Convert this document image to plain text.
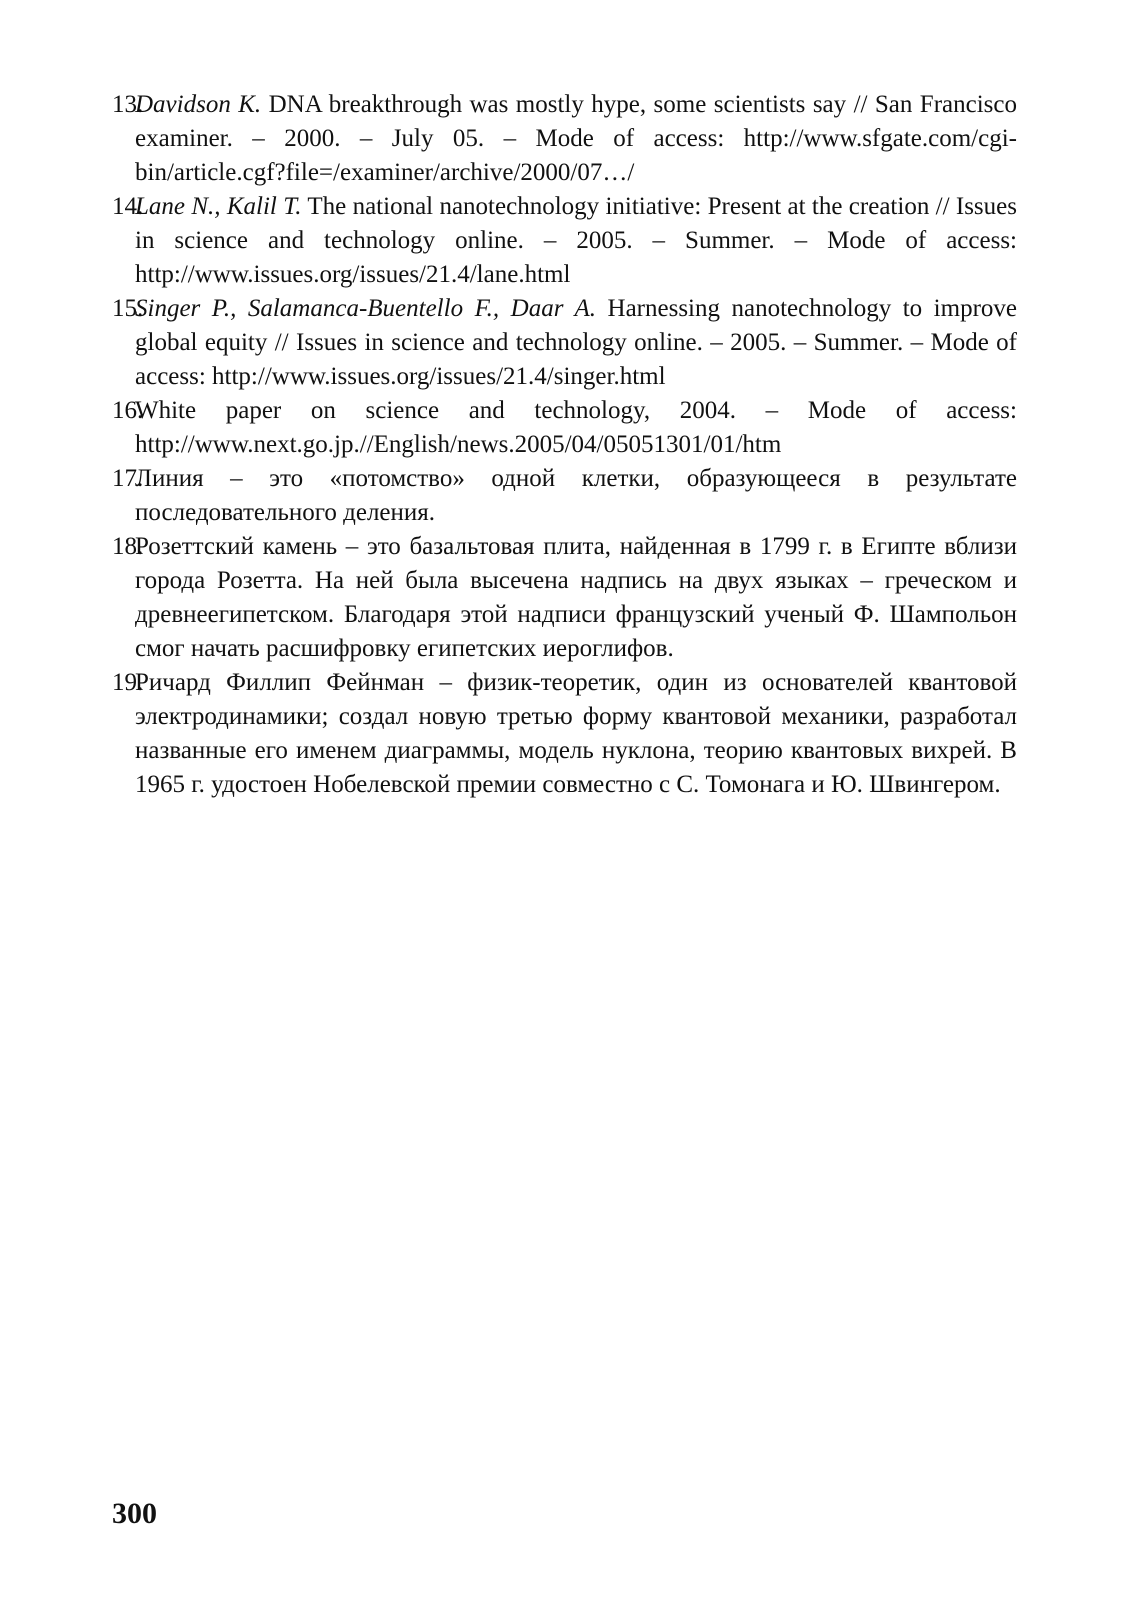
13.
Davidson K. DNA breakthrough was mostly hype, some scientists say // San Francisco examiner. – 2000. – July 05. – Mode of access: http://www.sfgate.com/cgi-bin/article.cgf?file=/examiner/archive/2000/07…/

14.
Lane N., Kalil T. The national nanotechnology initiative: Present at the creation // Issues in science and technology online. – 2005. – Summer. – Mode of access: http://www.issues.org/issues/21.4/lane.html

15.
Singer P., Salamanca-Buentello F., Daar A. Harnessing nanotechnology to improve global equity // Issues in science and technology online. – 2005. – Summer. – Mode of access: http://www.issues.org/issues/21.4/singer.html

16.
White paper on science and technology, 2004. – Mode of access: http://www.next.go.jp.//English/news.2005/04/05051301/01/htm

17.
Линия – это «потомство» одной клетки, образующееся в результате последовательного деления.

18.
Розеттский камень – это базальтовая плита, найденная в 1799 г. в Египте вблизи города Розетта. На ней была высечена надпись на двух языках – греческом и древнеегипетском. Благодаря этой надписи французский ученый Ф. Шампольон смог начать расшифровку египетских иероглифов.

19.
Ричард Филлип Фейнман – физик-теоретик, один из основателей квантовой электродинамики; создал новую третью форму квантовой механики, разработал названные его именем диаграммы, модель нуклона, теорию квантовых вихрей. В 1965 г. удостоен Нобелевской премии совместно с С. Томонага и Ю. Швингером.

300
